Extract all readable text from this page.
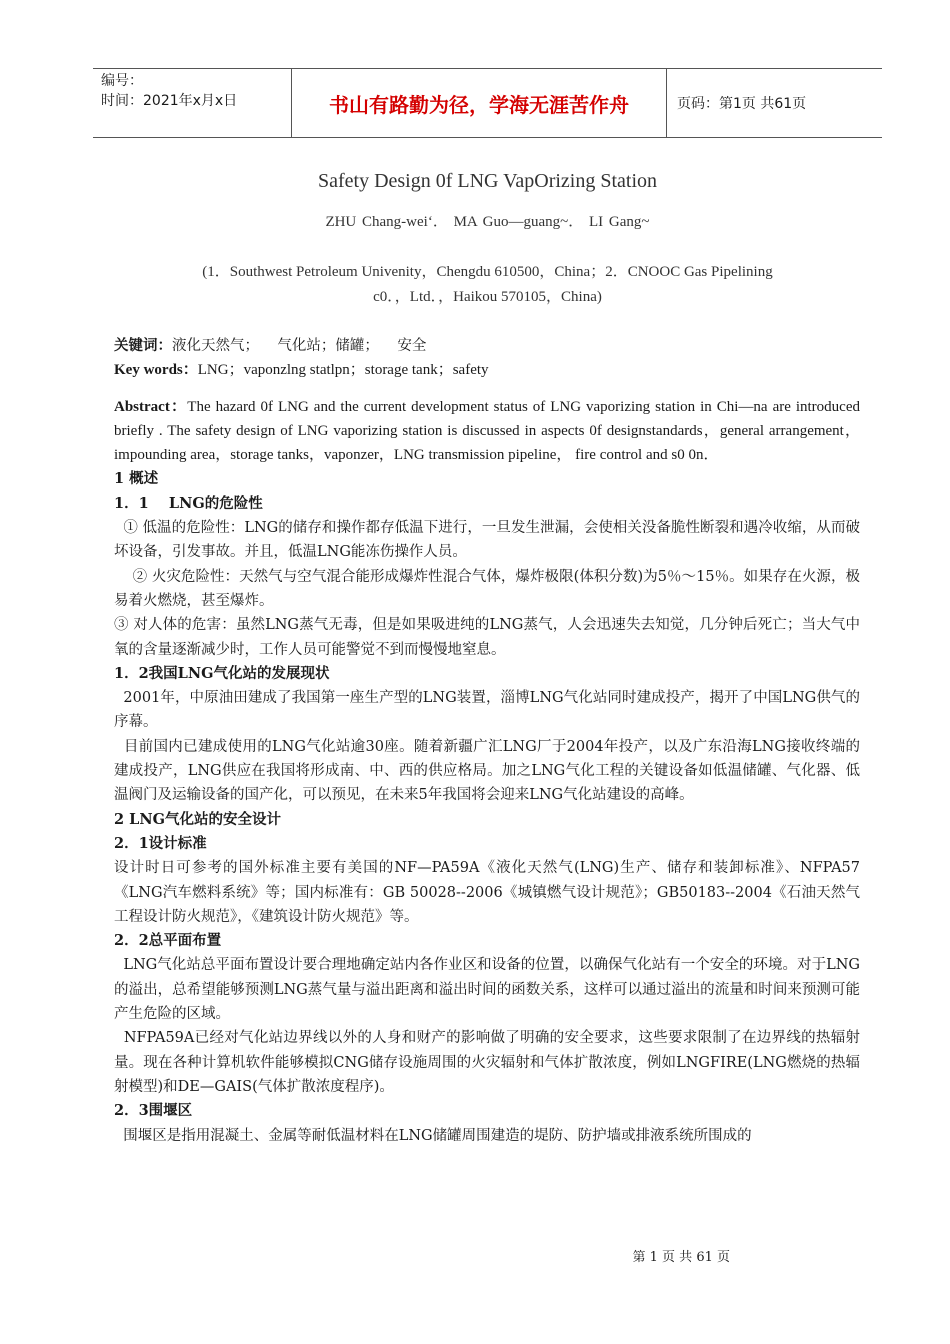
编号：
时间：2021年x月x日	书山有路勤为径，学海无涯苦作舟	页码：第1页 共61页
Safety Design 0f LNG VapOrizing Station
ZHU Chang-wei‘． MA Guo—guang~． LI Gang~
(1．Southwest Petroleum Univenity，Chengdu 610500，China；2．CNOOC Gas Pipelining
c0．，Ltd．，Haikou 570105，China)

关键词：液化天然气；    气化站；储罐；    安全

Key words：LNG；vaponzlng statlpn；storage tank；safety

Abstract：The hazard 0f LNG and the current development status of LNG vaporizing station in Chi—na are introduced briefly . The safety design of LNG vaporizing station is discussed in aspects 0f designstandards，general arrangement，impounding area，storage tanks，vaponzer，LNG transmission pipeline， fire control and s0 0n．

1 概述

1．1    LNG的危险性

① 低温的危险性：LNG的储存和操作都存低温下进行，一旦发生泄漏，会使相关没备脆性断裂和遇冷收缩，从而破坏设备，引发事故。并且，低温LNG能冻伤操作人员。

② 火灾危险性：天然气与空气混合能形成爆炸性混合气体，爆炸极限(体积分数)为5％～15％。如果存在火源，极易着火燃烧，甚至爆炸。

③ 对人体的危害：虽然LNG蒸气无毒，但是如果吸进纯的LNG蒸气，人会迅速失去知觉，几分钟后死亡；当大气中氧的含量逐渐减少时，工作人员可能警觉不到而慢慢地窒息。

1．2我国LNG气化站的发展现状

2001年，中原油田建成了我国第一座生产型的LNG装置，淄博LNG气化站同时建成投产，揭开了中国LNG供气的序幕。

目前国内已建成使用的LNG气化站逾30座。随着新疆广汇LNG厂于2004年投产，以及广东沿海LNG接收终端的建成投产，LNG供应在我国将形成南、中、西的供应格局。加之LNG气化工程的关键设备如低温储罐、气化器、低温阀门及运输设备的国产化，可以预见，在未来5年我国将会迎来LNG气化站建设的高峰。

2 LNG气化站的安全设计

2．1设计标准

设计时日可参考的国外标准主要有美国的NF—PA59A《液化天然气(LNG)生产、储存和装卸标准》、NFPA57《LNG汽车燃料系统》等；国内标准有：GB 50028--2006《城镇燃气设计规范》；GB50183--2004《石油天然气工程设计防火规范》，《建筑设计防火规范》等。

2．2总平面布置

LNG气化站总平面布置设计要合理地确定站内各作业区和设备的位置，以确保气化站有一个安全的环境。对于LNG的溢出，总希望能够预测LNG蒸气量与溢出距离和溢出时间的函数关系，这样可以通过溢出的流量和时间来预测可能产生危险的区域。

NFPA59A已经对气化站边界线以外的人身和财产的影响做了明确的安全要求，这些要求限制了在边界线的热辐射量。现在各种计算机软件能够模拟CNG储存设施周围的火灾辐射和气体扩散浓度，例如LNGFIRE(LNG燃烧的热辐射模型)和DE—GAIS(气体扩散浓度程序)。

2．3围堰区

围堰区是指用混凝土、金属等耐低温材料在LNG储罐周围建造的堤防、防护墙或排液系统所围成的

第 1 页 共 61 页
